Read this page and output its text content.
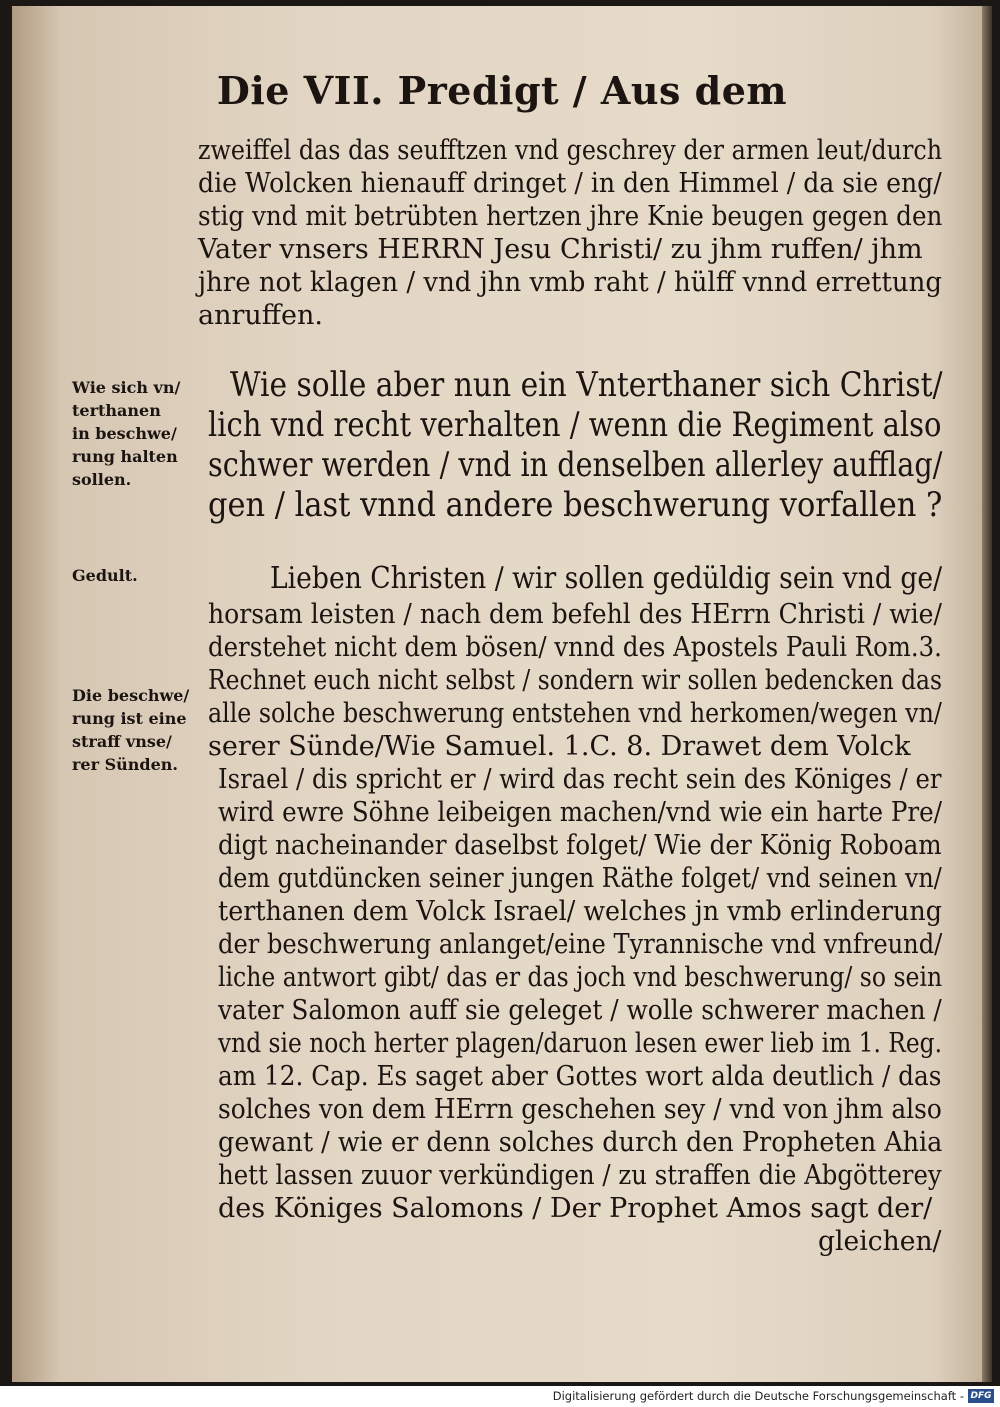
Die VII. Predigt / Aus dem
zweiffel das das seufftzen vnd geschrey der armen leut/durch
die Wolcken hienauff dringet / in den Himmel / da sie eng/
stig vnd mit betrübten hertzen jhre Knie beugen gegen den
Vater vnsers HERRN Jesu Christi/ zu jhm ruffen/ jhm
jhre not klagen / vnd jhn vmb raht / hülff vnnd errettung
anruffen.
Wie solle aber nun ein Vnterthaner sich Christ/
lich vnd recht verhalten / wenn die Regiment also
schwer werden / vnd in denselben allerley aufflag/
gen / last vnnd andere beschwerung vorfallen ?
Lieben Christen / wir sollen gedüldig sein vnd ge/
horsam leisten / nach dem befehl des HErrn Christi / wie/
derstehet nicht dem bösen/ vnnd des Apostels Pauli Rom.3.
Rechnet euch nicht selbst / sondern wir sollen bedencken das
alle solche beschwerung entstehen vnd herkomen/wegen vn/
serer Sünde/Wie Samuel. 1.C. 8. Drawet dem Volck
Israel / dis spricht er / wird das recht sein des Königes / er
wird ewre Söhne leibeigen machen/vnd wie ein harte Pre/
digt nacheinander daselbst folget/ Wie der König Roboam
dem gutdüncken seiner jungen Räthe folget/ vnd seinen vn/
terthanen dem Volck Israel/ welches jn vmb erlinderung
der beschwerung anlanget/eine Tyrannische vnd vnfreund/
liche antwort gibt/ das er das joch vnd beschwerung/ so sein
vater Salomon auff sie geleget / wolle schwerer machen /
vnd sie noch herter plagen/daruon lesen ewer lieb im 1. Reg.
am 12. Cap. Es saget aber Gottes wort alda deutlich / das
solches von dem HErrn geschehen sey / vnd von jhm also
gewant / wie er denn solches durch den Propheten Ahia
hett lassen zuuor verkündigen / zu straffen die Abgötterey
des Königes Salomons / Der Prophet Amos sagt der/
gleichen/
Wie sich vn/
terthanen
in beschwe/
rung halten
sollen.
Gedult.
Die beschwe/
rung ist eine
straff vnse/
rer Sünden.
Digitalisierung gefördert durch die Deutsche Forschungsgemeinschaft - DFG
